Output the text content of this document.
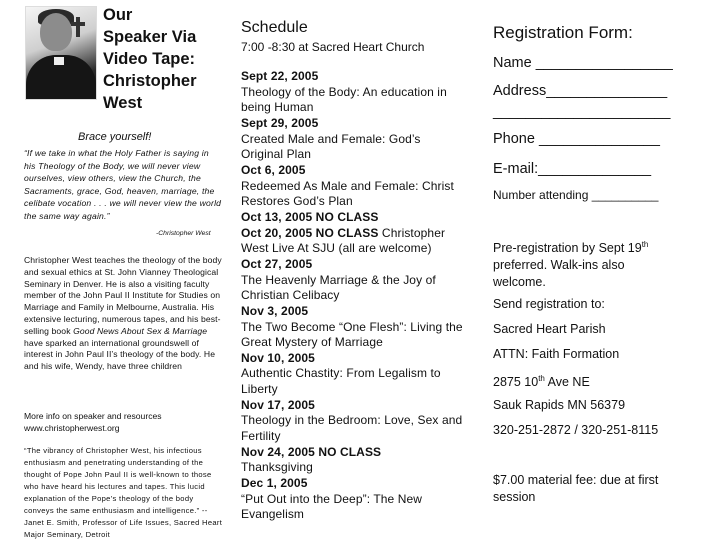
Our
Speaker Via
Video Tape:
Christopher
West
Brace yourself!
“If we take in what the Holy Father is saying in his Theology of the Body, we will never view ourselves, view others, view the Church, the Sacraments, grace, God, heaven, marriage, the celibate vocation . . . we will never view the world the same way again.”
-Christopher West
Christopher West teaches the theology of the body and sexual ethics at St. John Vianney Theological Seminary in Denver. He is also a visiting faculty member of the John Paul II Institute for Studies on Marriage and Family in Melbourne, Australia. His extensive lecturing, numerous tapes, and his best-selling book Good News About Sex & Marriage have sparked an international groundswell of interest in John Paul II’s theology of the body. He and his wife, Wendy, have three children
More info on speaker and resources www.christopherwest.org
“The vibrancy of Christopher West, his infectious enthusiasm and penetrating understanding of the thought of Pope John Paul II is well-known to those who have heard his lectures and tapes. This lucid explanation of the Pope’s theology of the body conveys the same enthusiasm and intelligence.” -- Janet E. Smith, Professor of Life Issues, Sacred Heart Major Seminary, Detroit
Schedule
7:00 -8:30 at Sacred Heart Church
Sept 22, 2005
Theology of the Body: An education in
being Human
Sept 29, 2005
Created Male and Female: God’s
Original Plan
Oct 6, 2005
Redeemed As Male and Female: Christ
Restores God’s Plan
Oct 13, 2005 NO CLASS
Oct 20, 2005 NO CLASS Christopher
West Live At SJU (all are welcome)
Oct 27, 2005
The Heavenly Marriage & the Joy of
Christian Celibacy
Nov 3, 2005
The Two Become “One Flesh”: Living the
Great Mystery of Marriage
Nov 10, 2005
Authentic Chastity: From Legalism to
Liberty
Nov 17, 2005
Theology in the Bedroom: Love, Sex and
Fertility
Nov 24, 2005 NO CLASS
Thanksgiving
Dec 1, 2005
“Put Out into the Deep”: The New
Evangelism
Registration Form:
Name _________________
Address_______________
______________________
Phone _______________
E-mail:______________
Number attending __________
Pre-registration by Sept 19th
preferred. Walk-ins also
welcome.
Send registration to:
Sacred Heart Parish
ATTN: Faith Formation
2875 10th Ave NE
Sauk Rapids MN 56379
320-251-2872 / 320-251-8115
$7.00 material fee: due at first
session
